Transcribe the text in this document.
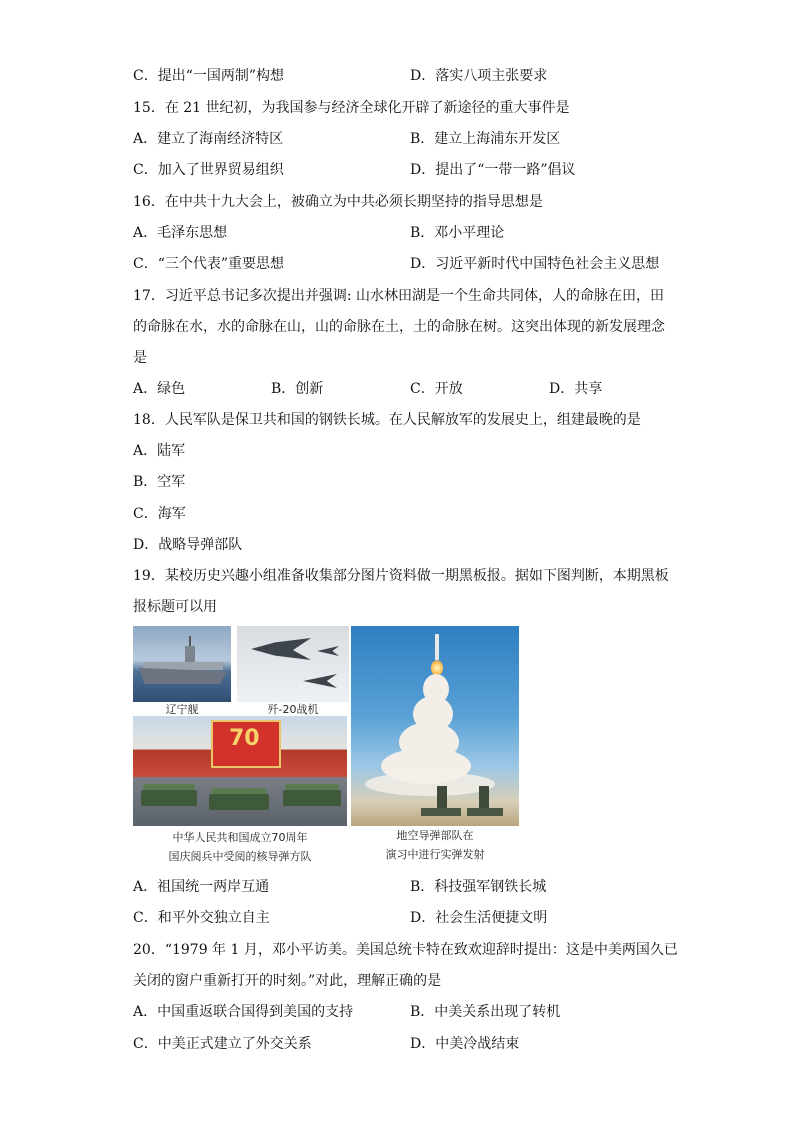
C．提出“一国两制”构想	D．落实八项主张要求
15．在 21 世纪初，为我国参与经济全球化开辟了新途径的重大事件是
A．建立了海南经济特区	B．建立上海浦东开发区
C．加入了世界贸易组织	D．提出了“一带一路”倡议
16．在中共十九大会上，被确立为中共必须长期坚持的指导思想是
A．毛泽东思想	B．邓小平理论
C．“三个代表”重要思想	D．习近平新时代中国特色社会主义思想
17．习近平总书记多次提出并强调: 山水林田湖是一个生命共同体，人的命脉在田，田
的命脉在水，水的命脉在山，山的命脉在土，土的命脉在树。这突出体现的新发展理念
是
A．绿色	B．创新	C．开放	D．共享
18．人民军队是保卫共和国的钢铁长城。在人民解放军的发展史上，组建最晚的是
A．陆军
B．空军
C．海军
D．战略导弹部队
19．某校历史兴趣小组准备收集部分图片资料做一期黑板报。据如下图判断，本期黑板
报标题可以用
辽宁舰	歼-20战机
70
中华人民共和国成立70周年
国庆阅兵中受阅的核导弹方队
地空导弹部队在
演习中进行实弹发射
A．祖国统一两岸互通	B．科技强军钢铁长城
C．和平外交独立自主	D．社会生活便捷文明
20．“1979 年 1 月，邓小平访美。美国总统卡特在致欢迎辞时提出：这是中美两国久已
关闭的窗户重新打开的时刻。”对此，理解正确的是
A．中国重返联合国得到美国的支持	B．中美关系出现了转机
C．中美正式建立了外交关系	D．中美冷战结束
